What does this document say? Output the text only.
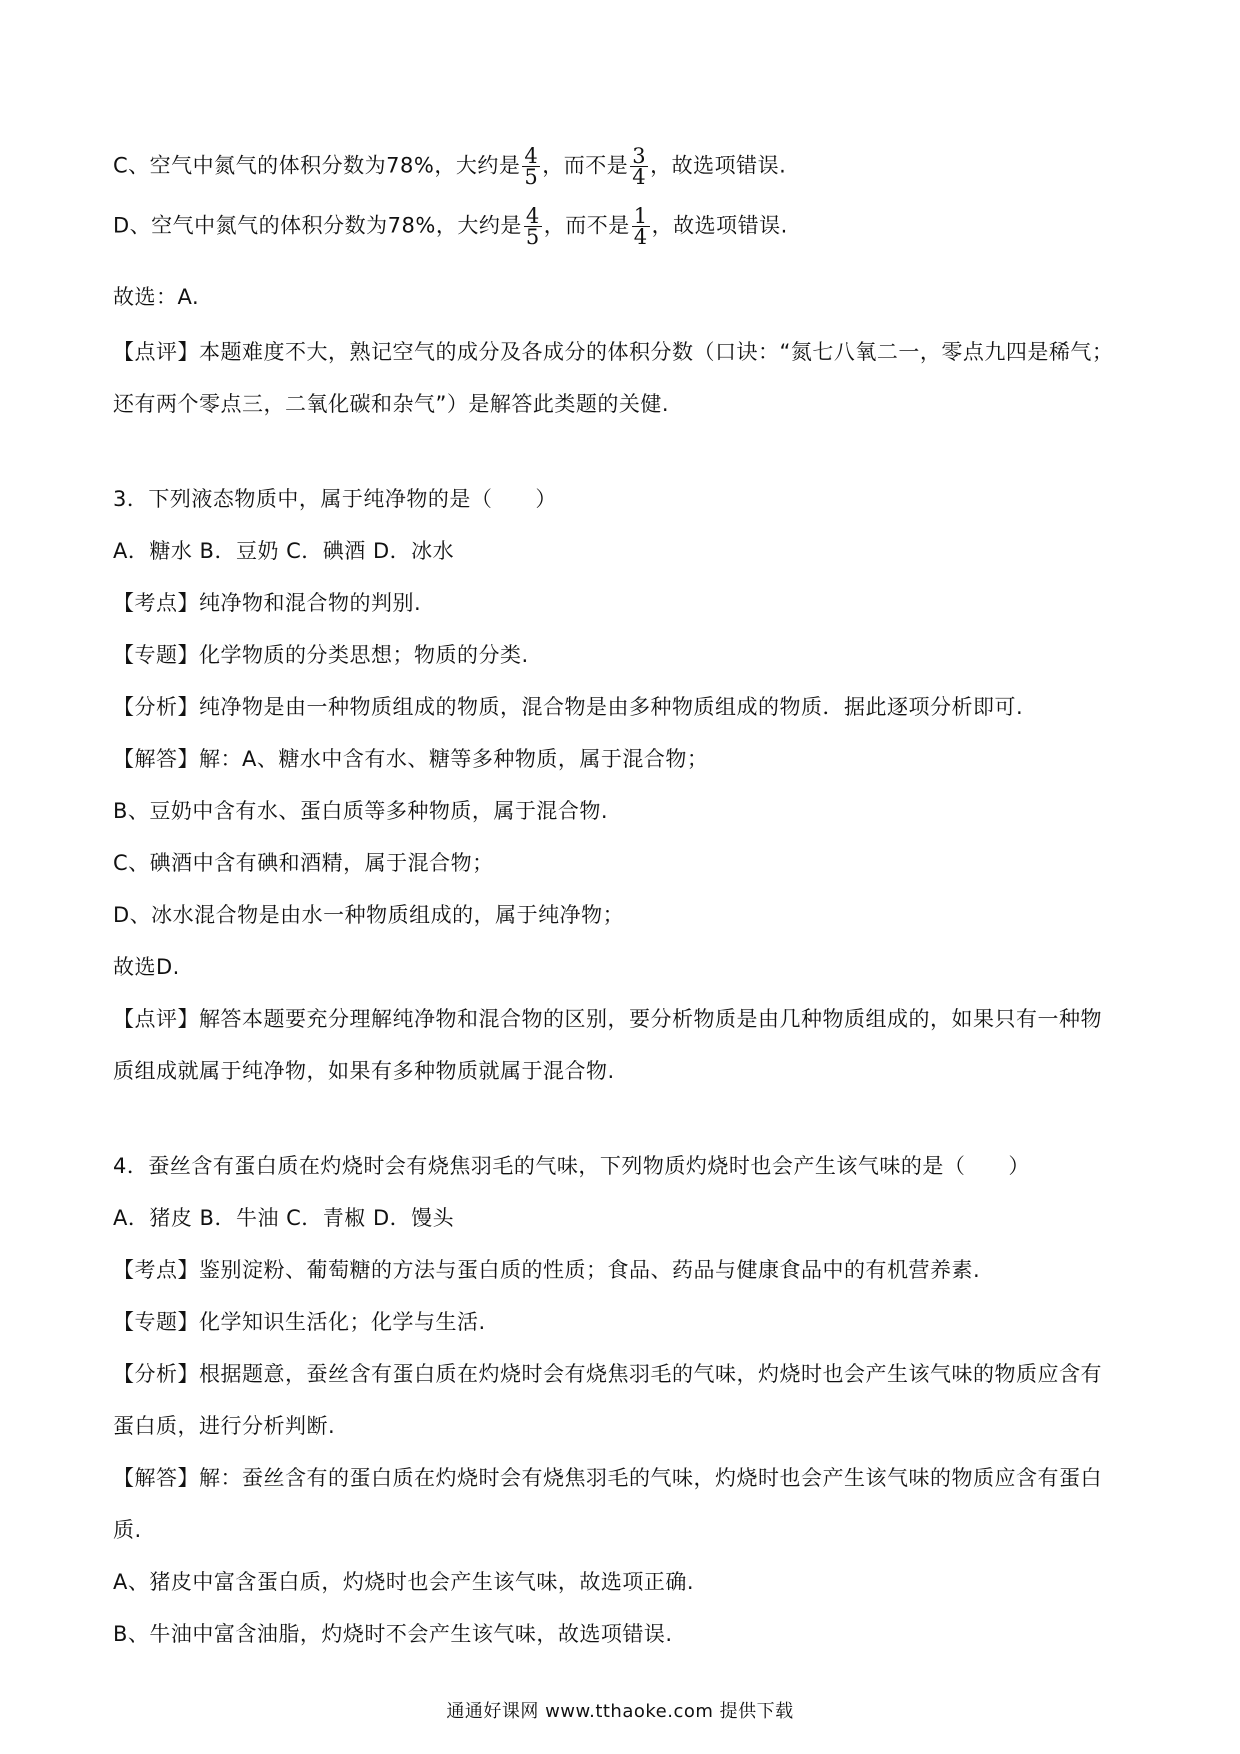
C、空气中氮气的体积分数为78%，大约是 $\frac{4}{5}$ ，而不是 $\frac{3}{4}$ ，故选项错误.
D、空气中氮气的体积分数为78%，大约是 $\frac{4}{5}$ ，而不是 $\frac{1}{4}$ ，故选项错误.
故选：A.
【点评】本题难度不大，熟记空气的成分及各成分的体积分数（口诀：“氮七八氧二一，零点九四是稀气；
还有两个零点三，二氧化碳和杂气”）是解答此类题的关健.
3．下列液态物质中，属于纯净物的是（　　）
A．糖水 B．豆奶 C．碘酒 D．冰水
【考点】纯净物和混合物的判别.
【专题】化学物质的分类思想；物质的分类.
【分析】纯净物是由一种物质组成的物质，混合物是由多种物质组成的物质．据此逐项分析即可.
【解答】解：A、糖水中含有水、糖等多种物质，属于混合物；
B、豆奶中含有水、蛋白质等多种物质，属于混合物.
C、碘酒中含有碘和酒精，属于混合物；
D、冰水混合物是由水一种物质组成的，属于纯净物；
故选D.
【点评】解答本题要充分理解纯净物和混合物的区别，要分析物质是由几种物质组成的，如果只有一种物
质组成就属于纯净物，如果有多种物质就属于混合物.
4．蚕丝含有蛋白质在灼烧时会有烧焦羽毛的气味，下列物质灼烧时也会产生该气味的是（　　）
A．猪皮 B．牛油 C．青椒 D．馒头
【考点】鉴别淀粉、葡萄糖的方法与蛋白质的性质；食品、药品与健康食品中的有机营养素.
【专题】化学知识生活化；化学与生活.
【分析】根据题意，蚕丝含有蛋白质在灼烧时会有烧焦羽毛的气味，灼烧时也会产生该气味的物质应含有
蛋白质，进行分析判断.
【解答】解：蚕丝含有的蛋白质在灼烧时会有烧焦羽毛的气味，灼烧时也会产生该气味的物质应含有蛋白
质.
A、猪皮中富含蛋白质，灼烧时也会产生该气味，故选项正确.
通通好课网 www.tthaoke.com 提供下载
B、牛油中富含油脂，灼烧时不会产生该气味，故选项错误.
